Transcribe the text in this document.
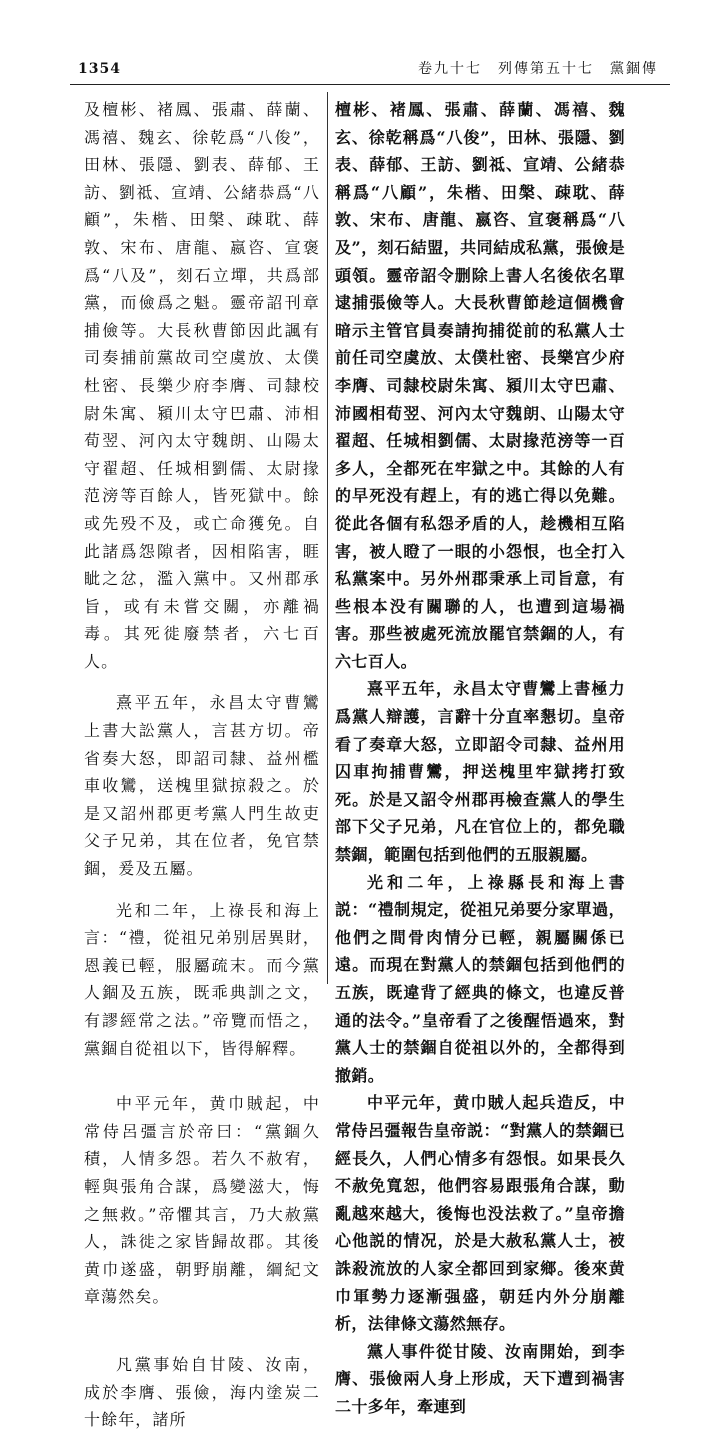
1354	卷九十七　列傳第五十七　黨錮傳

及檀彬、褚鳳、張肅、薛蘭、馮禧、魏玄、徐乾爲“八俊”，田林、張隱、劉表、薛郁、王訪、劉祗、宣靖、公緒恭爲“八顧”，朱楷、田槃、疎耽、薛敦、宋布、唐龍、嬴咨、宣褒爲“八及”，刻石立墠，共爲部黨，而儉爲之魁。靈帝詔刊章捕儉等。大長秋曹節因此諷有司奏捕前黨故司空虞放、太僕杜密、長樂少府李膺、司隸校尉朱寓、潁川太守巴肅、沛相荀翌、河內太守魏朗、山陽太守翟超、任城相劉儒、太尉掾范滂等百餘人，皆死獄中。餘或先殁不及，或亡命獲免。自此諸爲怨隙者，因相陷害，睚眦之忿，濫入黨中。又州郡承旨，或有未嘗交關，亦離禍毒。其死徙廢禁者，六七百人。

熹平五年，永昌太守曹鸞上書大訟黨人，言甚方切。帝省奏大怒，即詔司隸、益州檻車收鸞，送槐里獄掠殺之。於是又詔州郡更考黨人門生故吏父子兄弟，其在位者，免官禁錮，爰及五屬。

光和二年，上祿長和海上言：“禮，從祖兄弟别居異財，恩義已輕，服屬疏末。而今黨人錮及五族，既乖典訓之文，有謬經常之法。”帝覽而悟之，黨錮自從祖以下，皆得解釋。

中平元年，黄巾賊起，中常侍呂彊言於帝曰：“黨錮久積，人情多怨。若久不赦宥，輕與張角合謀，爲變滋大，悔之無救。”帝懼其言，乃大赦黨人，誅徙之家皆歸故郡。其後黄巾遂盛，朝野崩離，綱紀文章蕩然矣。

凡黨事始自甘陵、汝南，成於李膺、張儉，海内塗炭二十餘年，諸所

檀彬、褚鳳、張肅、薛蘭、馮禧、魏玄、徐乾稱爲“八俊”，田林、張隱、劉表、薛郁、王訪、劉祗、宣靖、公緒恭稱爲“八顧”，朱楷、田槃、疎耽、薛敦、宋布、唐龍、嬴咨、宣褒稱爲“八及”，刻石結盟，共同結成私黨，張儉是頭領。靈帝詔令删除上書人名後依名單逮捕張儉等人。大長秋曹節趁這個機會暗示主管官員奏請拘捕從前的私黨人士前任司空虞放、太僕杜密、長樂宫少府李膺、司隸校尉朱寓、潁川太守巴肅、沛國相荀翌、河內太守魏朗、山陽太守翟超、任城相劉儒、太尉掾范滂等一百多人，全都死在牢獄之中。其餘的人有的早死没有趕上，有的逃亡得以免難。從此各個有私怨矛盾的人，趁機相互陷害，被人瞪了一眼的小怨恨，也全打入私黨案中。另外州郡秉承上司旨意，有些根本没有關聯的人，也遭到這場禍害。那些被處死流放罷官禁錮的人，有六七百人。

熹平五年，永昌太守曹鸞上書極力爲黨人辯護，言辭十分直率懇切。皇帝看了奏章大怒，立即詔令司隸、益州用囚車拘捕曹鸞，押送槐里牢獄拷打致死。於是又詔令州郡再檢查黨人的學生部下父子兄弟，凡在官位上的，都免職禁錮，範圍包括到他們的五服親屬。

光和二年，上祿縣長和海上書説：“禮制規定，從祖兄弟要分家單過，他們之間骨肉情分已輕，親屬關係已遠。而現在對黨人的禁錮包括到他們的五族，既違背了經典的條文，也違反普通的法令。”皇帝看了之後醒悟過來，對黨人士的禁錮自從祖以外的，全都得到撤銷。

中平元年，黄巾賊人起兵造反，中常侍呂彊報告皇帝説：“對黨人的禁錮已經長久，人們心情多有怨恨。如果長久不赦免寬恕，他們容易跟張角合謀，動亂越來越大，後悔也没法救了。”皇帝擔心他説的情况，於是大赦私黨人士，被誅殺流放的人家全都回到家鄉。後來黄巾軍勢力逐漸强盛，朝廷内外分崩離析，法律條文蕩然無存。

黨人事件從甘陵、汝南開始，到李膺、張儉兩人身上形成，天下遭到禍害二十多年，牽連到
